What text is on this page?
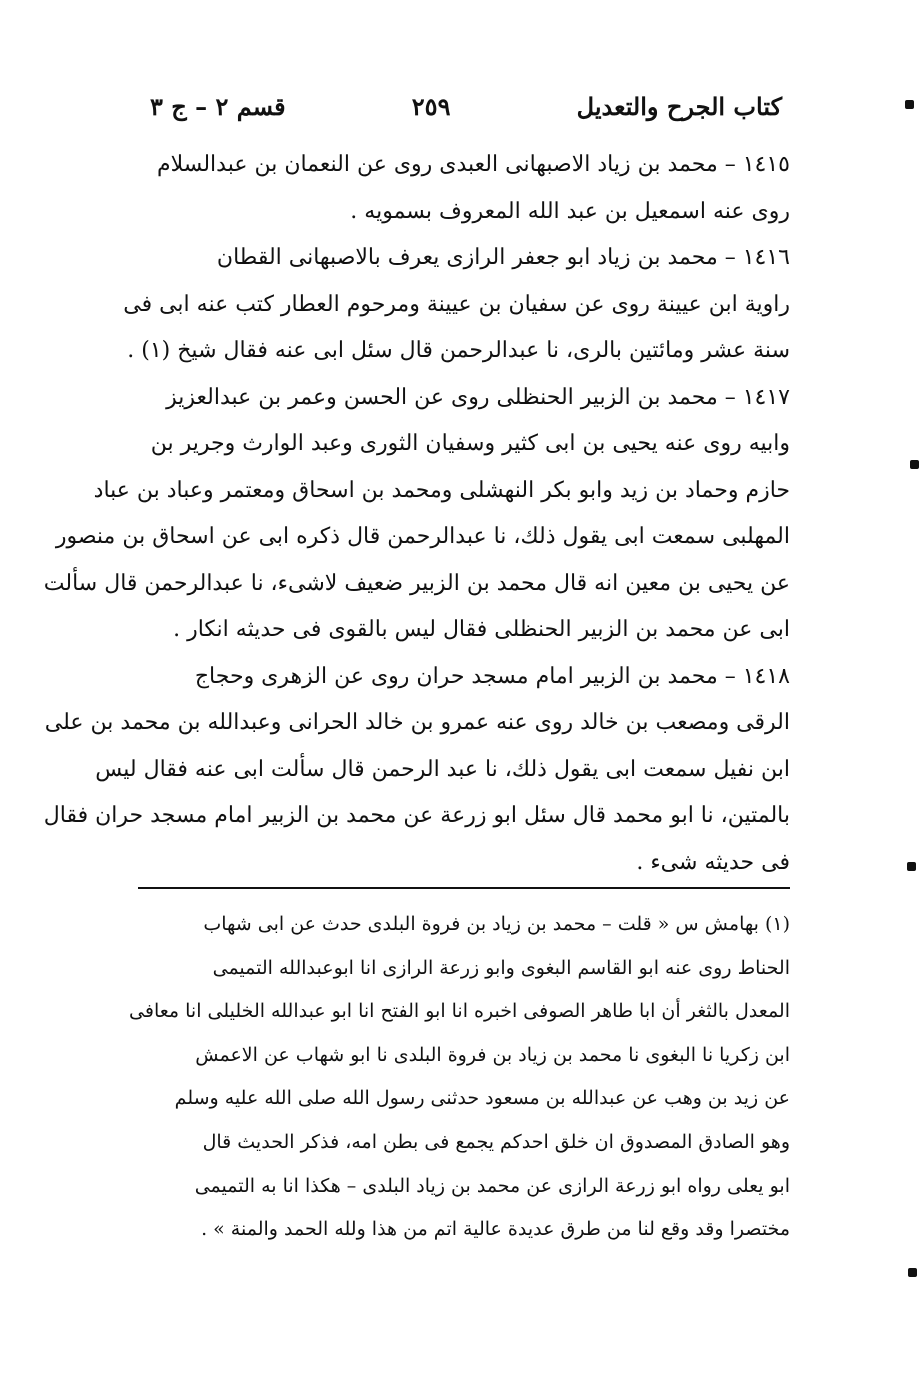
كتاب الجرح والتعديل
٢٥٩
قسم ٢ – ج ٣
١٤١٥ – محمد بن زياد الاصبهانى العبدى روى عن النعمان بن عبدالسلام
روى عنه اسمعيل بن عبد الله المعروف بسمويه .
١٤١٦ – محمد بن زياد ابو جعفر الرازى يعرف بالاصبهانى القطان
راوية ابن عيينة روى عن سفيان بن عيينة ومرحوم العطار كتب عنه ابى فى
سنة عشر ومائتين بالرى، نا عبدالرحمن قال سئل ابى عنه فقال شيخ (١) .
١٤١٧ – محمد بن الزبير الحنظلى روى عن الحسن وعمر بن عبدالعزيز
وابيه روى عنه يحيى بن ابى كثير وسفيان الثورى وعبد الوارث وجرير بن
حازم وحماد بن زيد وابو بكر النهشلى ومحمد بن اسحاق ومعتمر وعباد بن عباد
المهلبى سمعت ابى يقول ذلك، نا عبدالرحمن قال ذكره ابى عن اسحاق بن منصور
عن يحيى بن معين انه قال محمد بن الزبير ضعيف لاشىء، نا عبدالرحمن قال سألت
ابى عن محمد بن الزبير الحنظلى فقال ليس بالقوى فى حديثه انكار .
١٤١٨ – محمد بن الزبير امام مسجد حران روى عن الزهرى وحجاج
الرقى ومصعب بن خالد روى عنه عمرو بن خالد الحرانى وعبدالله بن محمد بن على
ابن نفيل سمعت ابى يقول ذلك، نا عبد الرحمن قال سألت ابى عنه فقال ليس
بالمتين، نا ابو محمد قال سئل ابو زرعة عن محمد بن الزبير امام مسجد حران فقال
فى حديثه شىء .
(١) بهامش س « قلت – محمد بن زياد بن فروة البلدى حدث عن ابى شهاب
الحناط روى عنه ابو القاسم البغوى وابو زرعة الرازى انا ابوعبدالله التميمى
المعدل بالثغر أن ابا طاهر الصوفى اخبره انا ابو الفتح انا ابو عبدالله الخليلى انا معافى
ابن زكريا نا البغوى نا محمد بن زياد بن فروة البلدى نا ابو شهاب عن الاعمش
عن زيد بن وهب عن عبدالله بن مسعود حدثنى رسول الله صلى الله عليه وسلم
وهو الصادق المصدوق ان خلق احدكم يجمع فى بطن امه، فذكر الحديث قال
ابو يعلى رواه ابو زرعة الرازى عن محمد بن زياد البلدى – هكذا انا به التميمى
مختصرا وقد وقع لنا من طرق عديدة عالية اتم من هذا ولله الحمد والمنة » .
